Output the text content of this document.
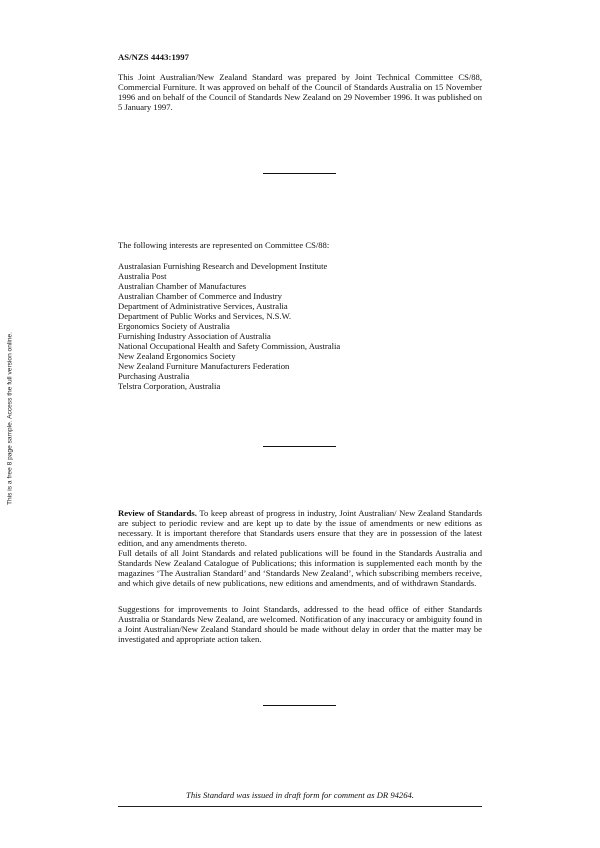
This is a free 8 page sample. Access the full version online.
AS/NZS 4443:1997

This Joint Australian/New Zealand Standard was prepared by Joint Technical Committee CS/88, Commercial Furniture. It was approved on behalf of the Council of Standards Australia on 15 November 1996 and on behalf of the Council of Standards New Zealand on 29 November 1996. It was published on 5 January 1997.

The following interests are represented on Committee CS/88:

Australasian Furnishing Research and Development Institute
Australia Post
Australian Chamber of Manufactures
Australian Chamber of Commerce and Industry
Department of Administrative Services, Australia
Department of Public Works and Services, N.S.W.
Ergonomics Society of Australia
Furnishing Industry Association of Australia
National Occupational Health and Safety Commission, Australia
New Zealand Ergonomics Society
New Zealand Furniture Manufacturers Federation
Purchasing Australia
Telstra Corporation, Australia

Review of Standards. To keep abreast of progress in industry, Joint Australian/ New Zealand Standards are subject to periodic review and are kept up to date by the issue of amendments or new editions as necessary. It is important therefore that Standards users ensure that they are in possession of the latest edition, and any amendments thereto.

Full details of all Joint Standards and related publications will be found in the Standards Australia and Standards New Zealand Catalogue of Publications; this information is supplemented each month by the magazines ‘The Australian Standard’ and ‘Standards New Zealand’, which subscribing members receive, and which give details of new publications, new editions and amendments, and of withdrawn Standards.

Suggestions for improvements to Joint Standards, addressed to the head office of either Standards Australia or Standards New Zealand, are welcomed. Notification of any inaccuracy or ambiguity found in a Joint Australian/New Zealand Standard should be made without delay in order that the matter may be investigated and appropriate action taken.

This Standard was issued in draft form for comment as DR 94264.
